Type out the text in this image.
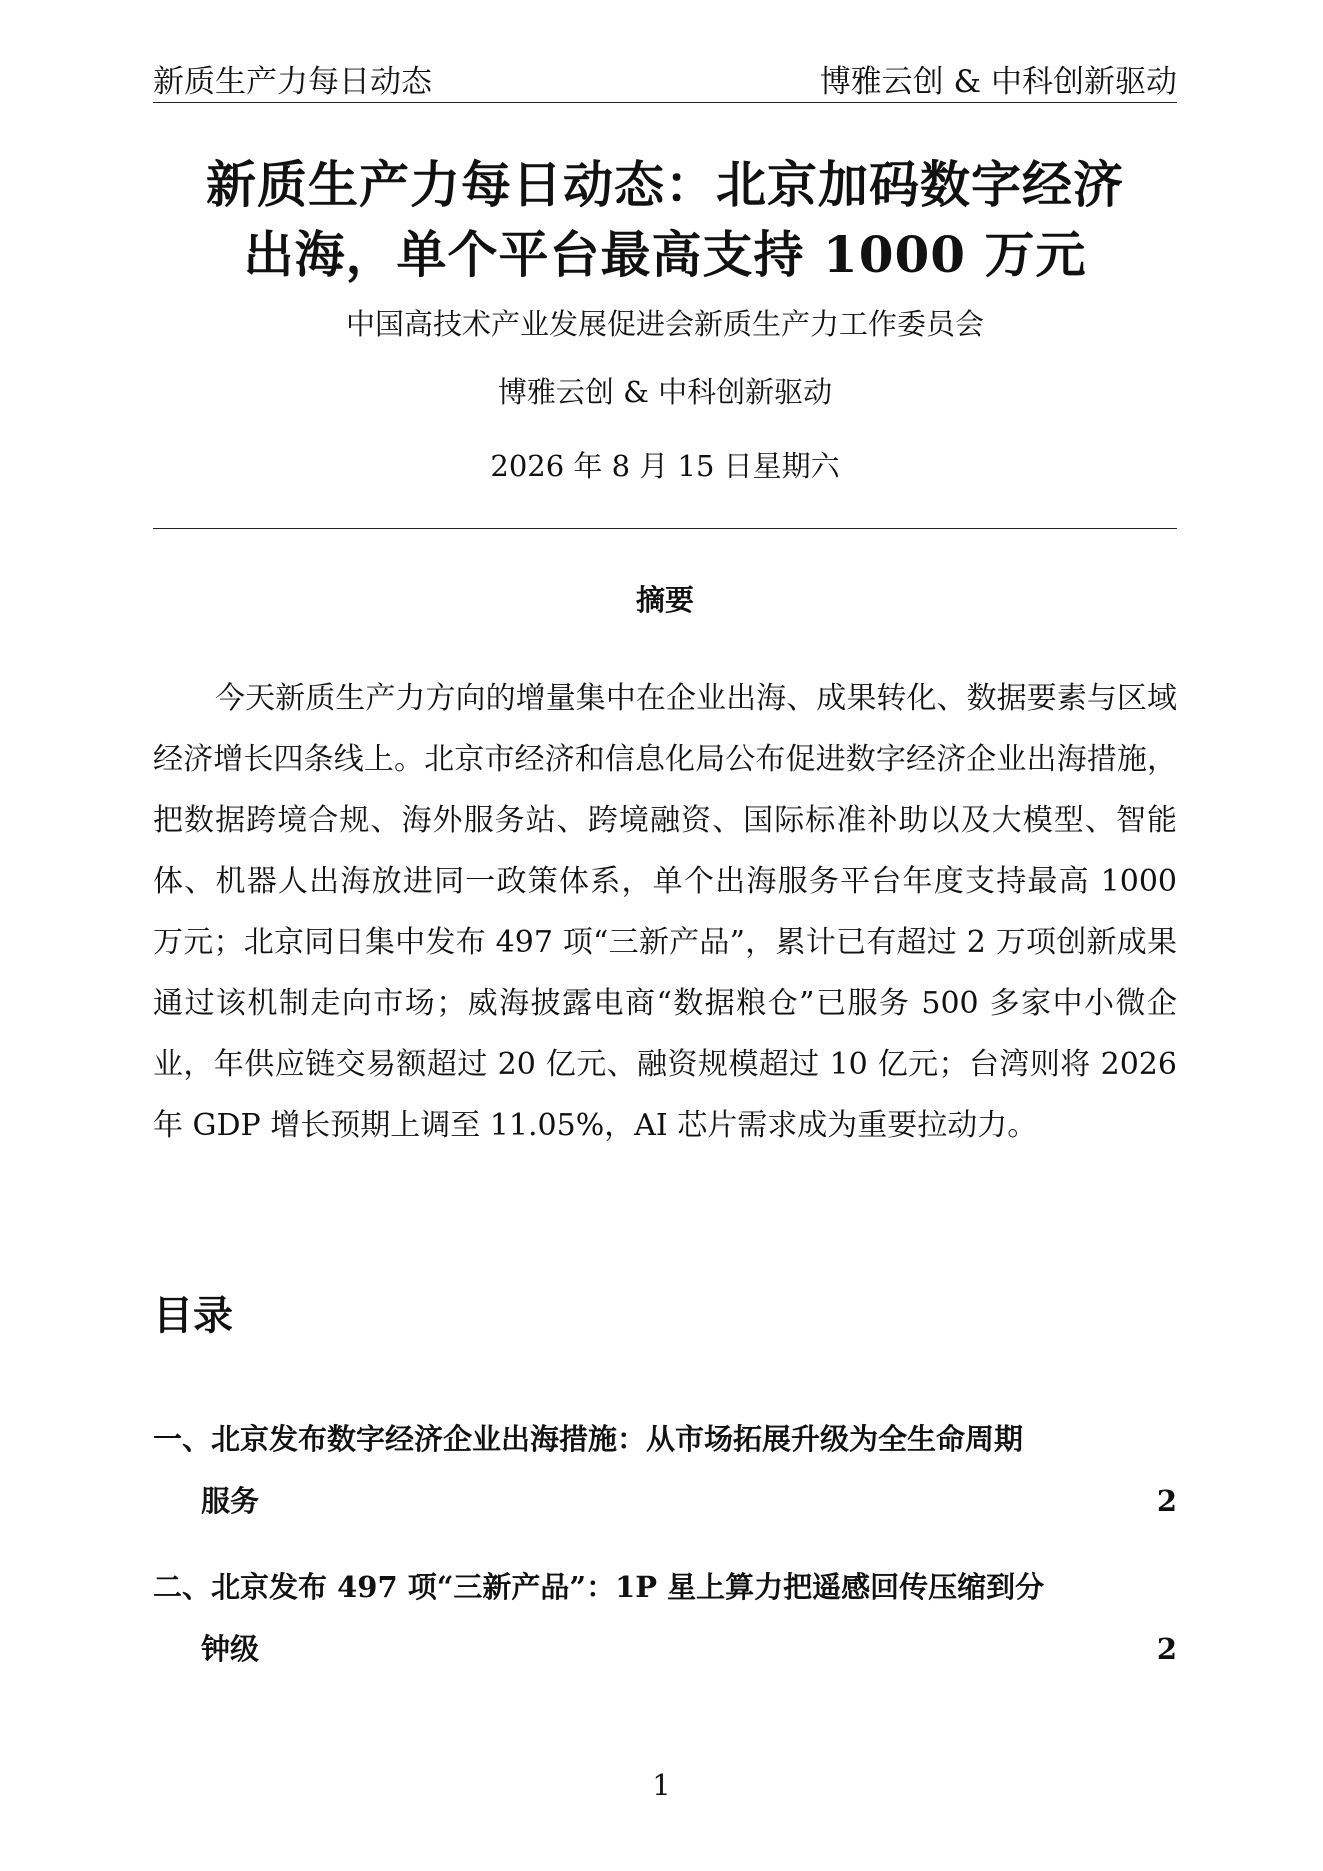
新质生产力每日动态	博雅云创 & 中科创新驱动
新质生产力每日动态：北京加码数字经济
出海，单个平台最高支持 1000 万元
中国高技术产业发展促进会新质生产力工作委员会
博雅云创 & 中科创新驱动
2026 年 8 月 15 日星期六
摘要
今天新质生产力方向的增量集中在企业出海、成果转化、数据要素与区域经济增长四条线上。北京市经济和信息化局公布促进数字经济企业出海措施，把数据跨境合规、海外服务站、跨境融资、国际标准补助以及大模型、智能体、机器人出海放进同一政策体系，单个出海服务平台年度支持最高 1000 万元；北京同日集中发布 497 项“三新产品”，累计已有超过 2 万项创新成果通过该机制走向市场；威海披露电商“数据粮仓”已服务 500 多家中小微企业，年供应链交易额超过 20 亿元、融资规模超过 10 亿元；台湾则将 2026 年 GDP 增长预期上调至 11.05%，AI 芯片需求成为重要拉动力。
目录
一、北京发布数字经济企业出海措施：从市场拓展升级为全生命周期
服务	2
二、北京发布 497 项“三新产品”：1P 星上算力把遥感回传压缩到分
钟级	2
1
